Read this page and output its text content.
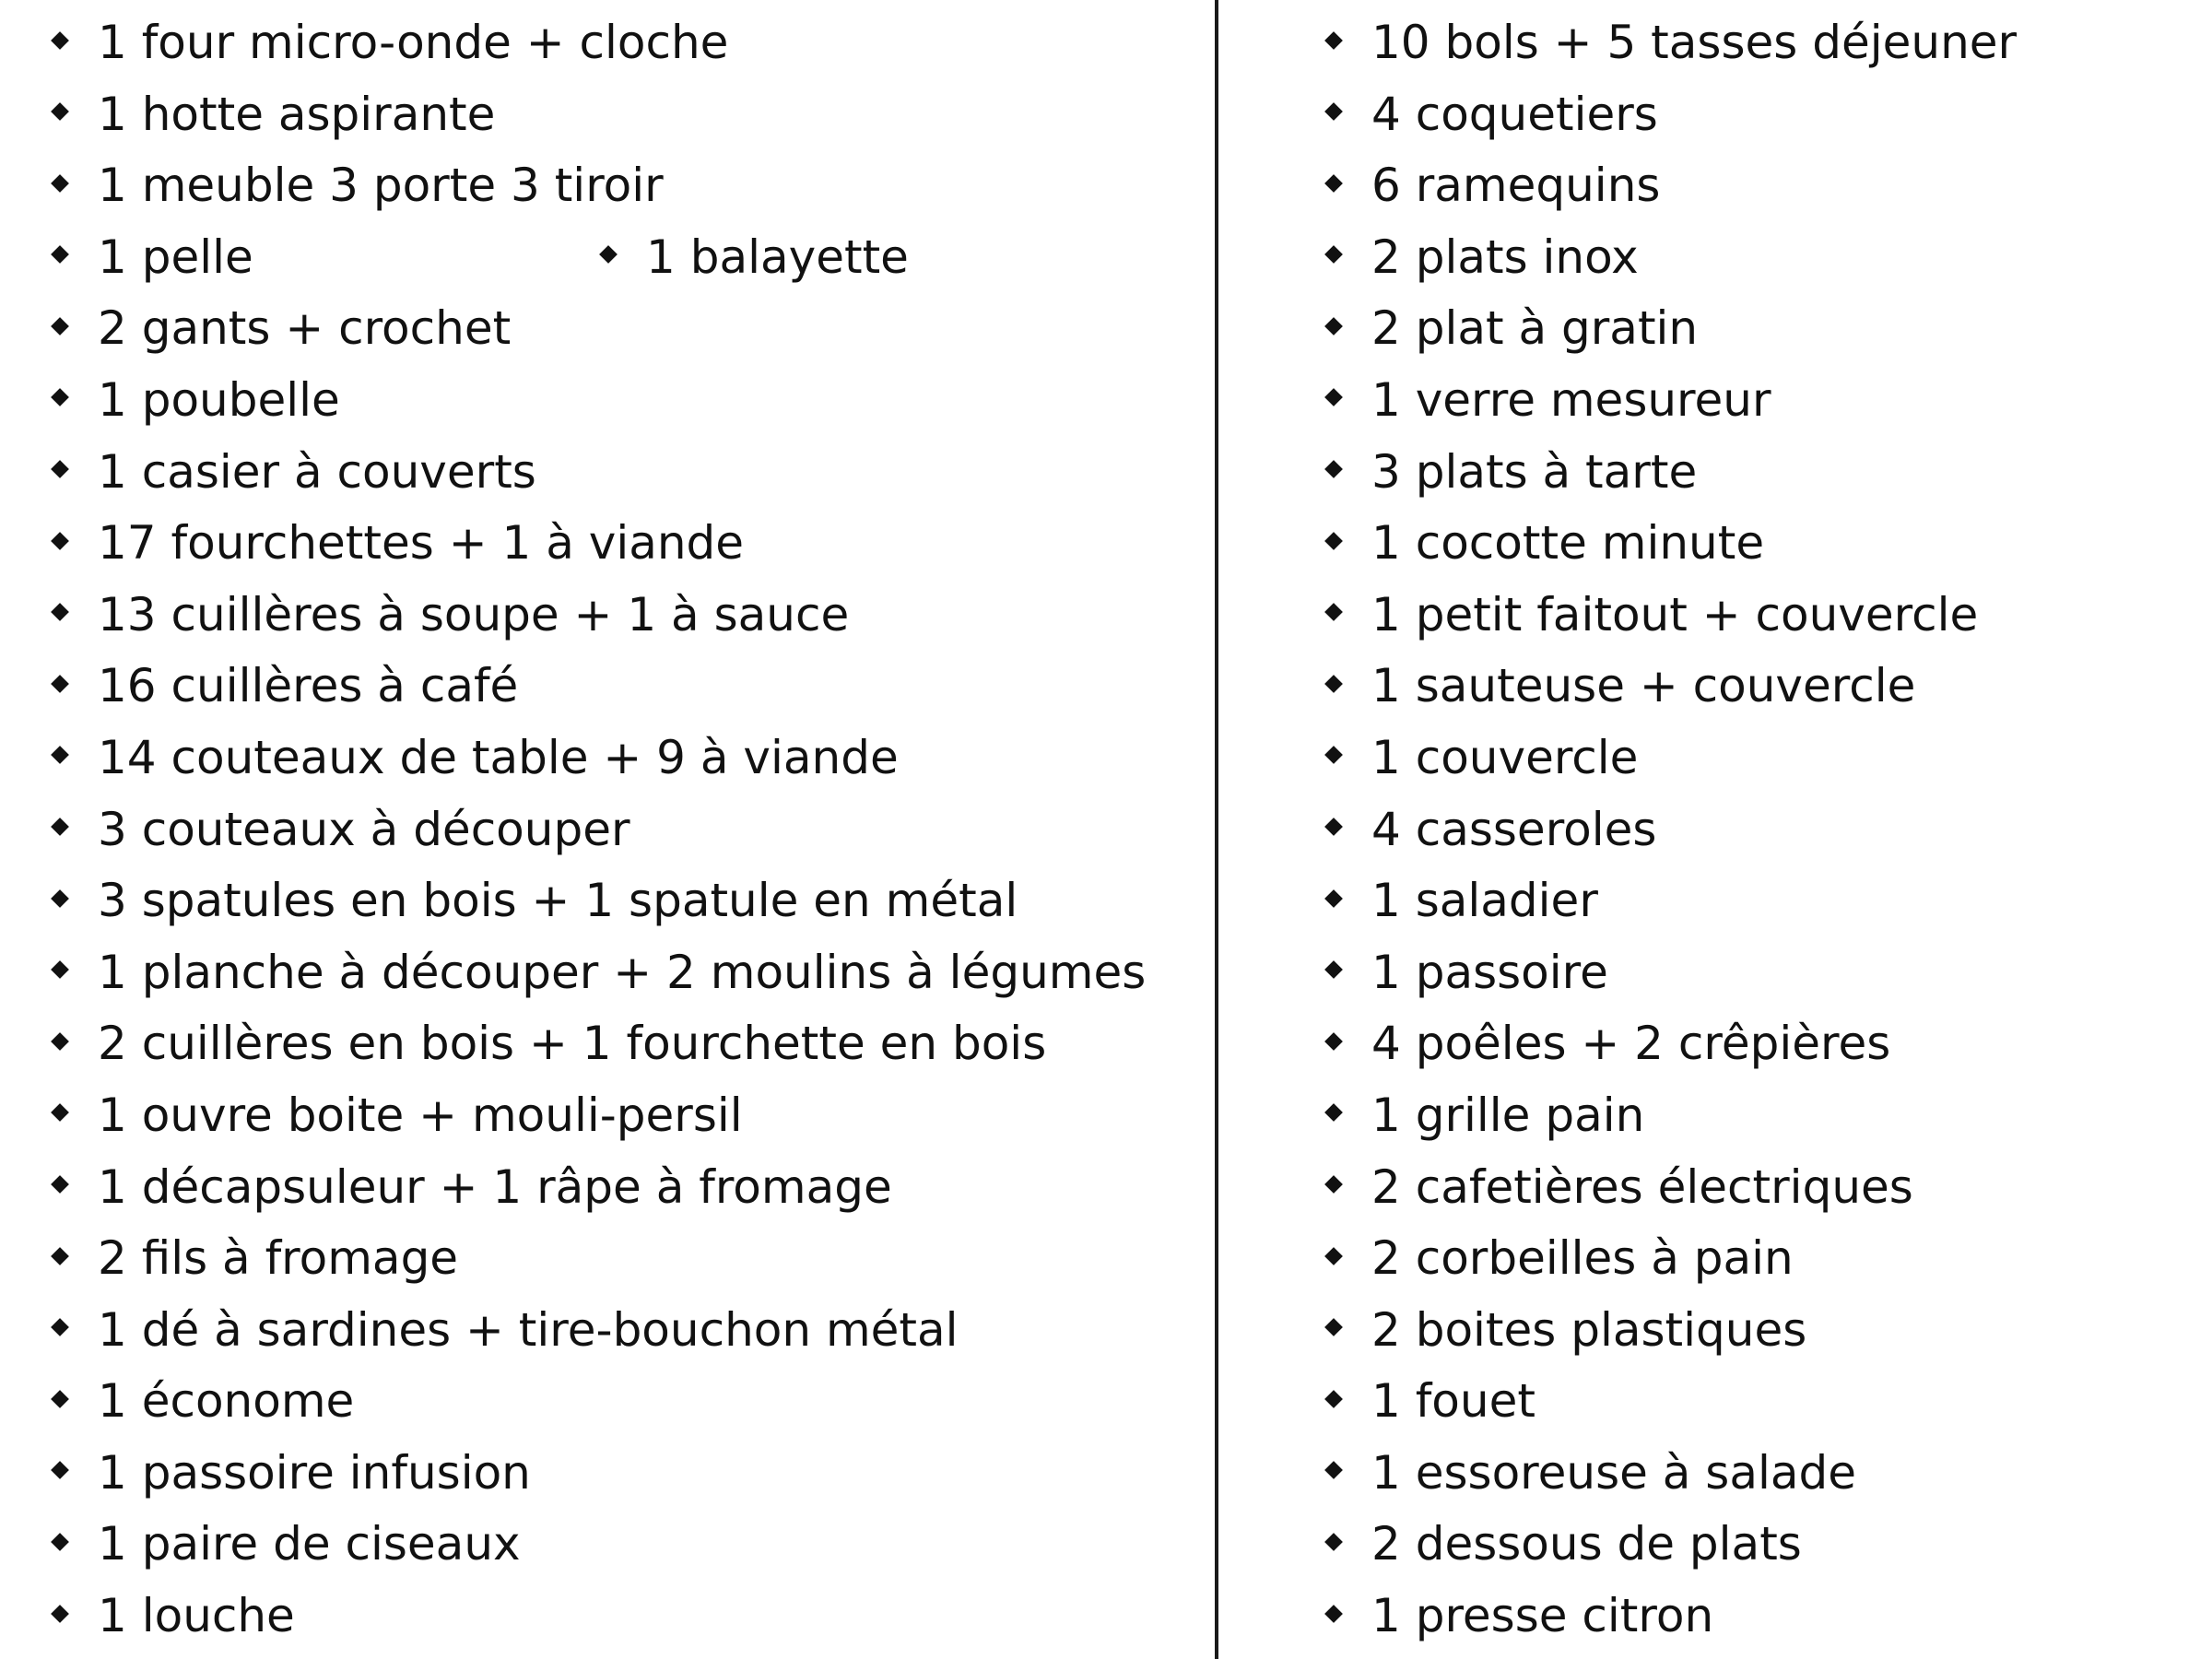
1 four micro-onde + cloche
1 hotte aspirante
1 meuble 3 porte 3 tiroir
1 pelle	1 balayette
2 gants + crochet
1 poubelle
1 casier à couverts
17 fourchettes + 1 à viande
13 cuillères à soupe + 1 à sauce
16 cuillères à café
14 couteaux de table + 9 à viande
3 couteaux à découper
3 spatules en bois + 1 spatule en métal
1 planche à découper + 2 moulins à légumes
2 cuillères en bois + 1 fourchette en bois
1 ouvre boite + mouli-persil
1 décapsuleur + 1 râpe à fromage
2 fils à fromage
1 dé à sardines + tire-bouchon métal
1 économe
1 passoire infusion
1 paire de ciseaux
1 louche
10 bols + 5 tasses déjeuner
4 coquetiers
6 ramequins
2 plats inox
2 plat à gratin
1 verre mesureur
3 plats à tarte
1 cocotte minute
1 petit faitout + couvercle
1 sauteuse + couvercle
1 couvercle
4 casseroles
1 saladier
1 passoire
4 poêles + 2 crêpières
1 grille pain
2 cafetières électriques
2 corbeilles à pain
2 boites plastiques
1 fouet
1 essoreuse à salade
2 dessous de plats
1 presse citron
